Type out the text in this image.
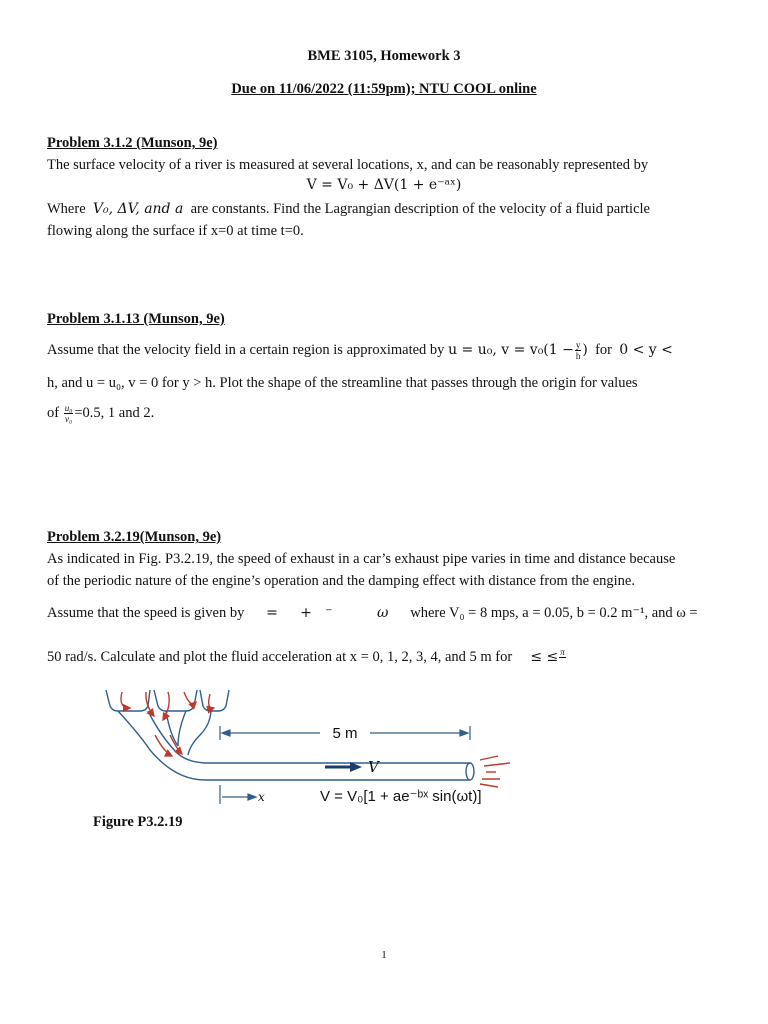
BME 3105, Homework 3
Due on 11/06/2022 (11:59pm); NTU COOL online
Problem 3.1.2 (Munson, 9e)
The surface velocity of a river is measured at several locations, x, and can be reasonably represented by
V = V₀ + ΔV(1 + e⁻ᵃˣ)
Where V₀, ΔV, and a are constants. Find the Lagrangian description of the velocity of a fluid particle
flowing along the surface if x=0 at time t=0.
Problem 3.1.13 (Munson, 9e)
Assume that the velocity field in a certain region is approximated by u = u₀, $v = v_0(1 - \frac{y}{h}$ ) for 0 < y <
h, and u = u₀, v = 0 for y > h. Plot the shape of the streamline that passes through the origin for values
of $\frac{\text{u₀}}{\text{v₀}} =0.5$, 1 and 2.
Problem 3.2.19(Munson, 9e)
As indicated in Fig. P3.2.19, the speed of exhaust in a car’s exhaust pipe varies in time and distance because
of the periodic nature of the engine’s operation and the damping effect with distance from the engine.
Assume that the speed is given by =     +   ⁻          ω where V₀ = 8 mps, a = 0.05, b = 0.2 m⁻¹, and ω =
50 rad/s. Calculate and plot the fluid acceleration at x = 0, 1, 2, 3, 4, and 5 m for ≤ ≤ π
5 m
V
x	V = V₀[1 + ae⁻ᵇˣ sin(ωt)]
Figure P3.2.19
1
